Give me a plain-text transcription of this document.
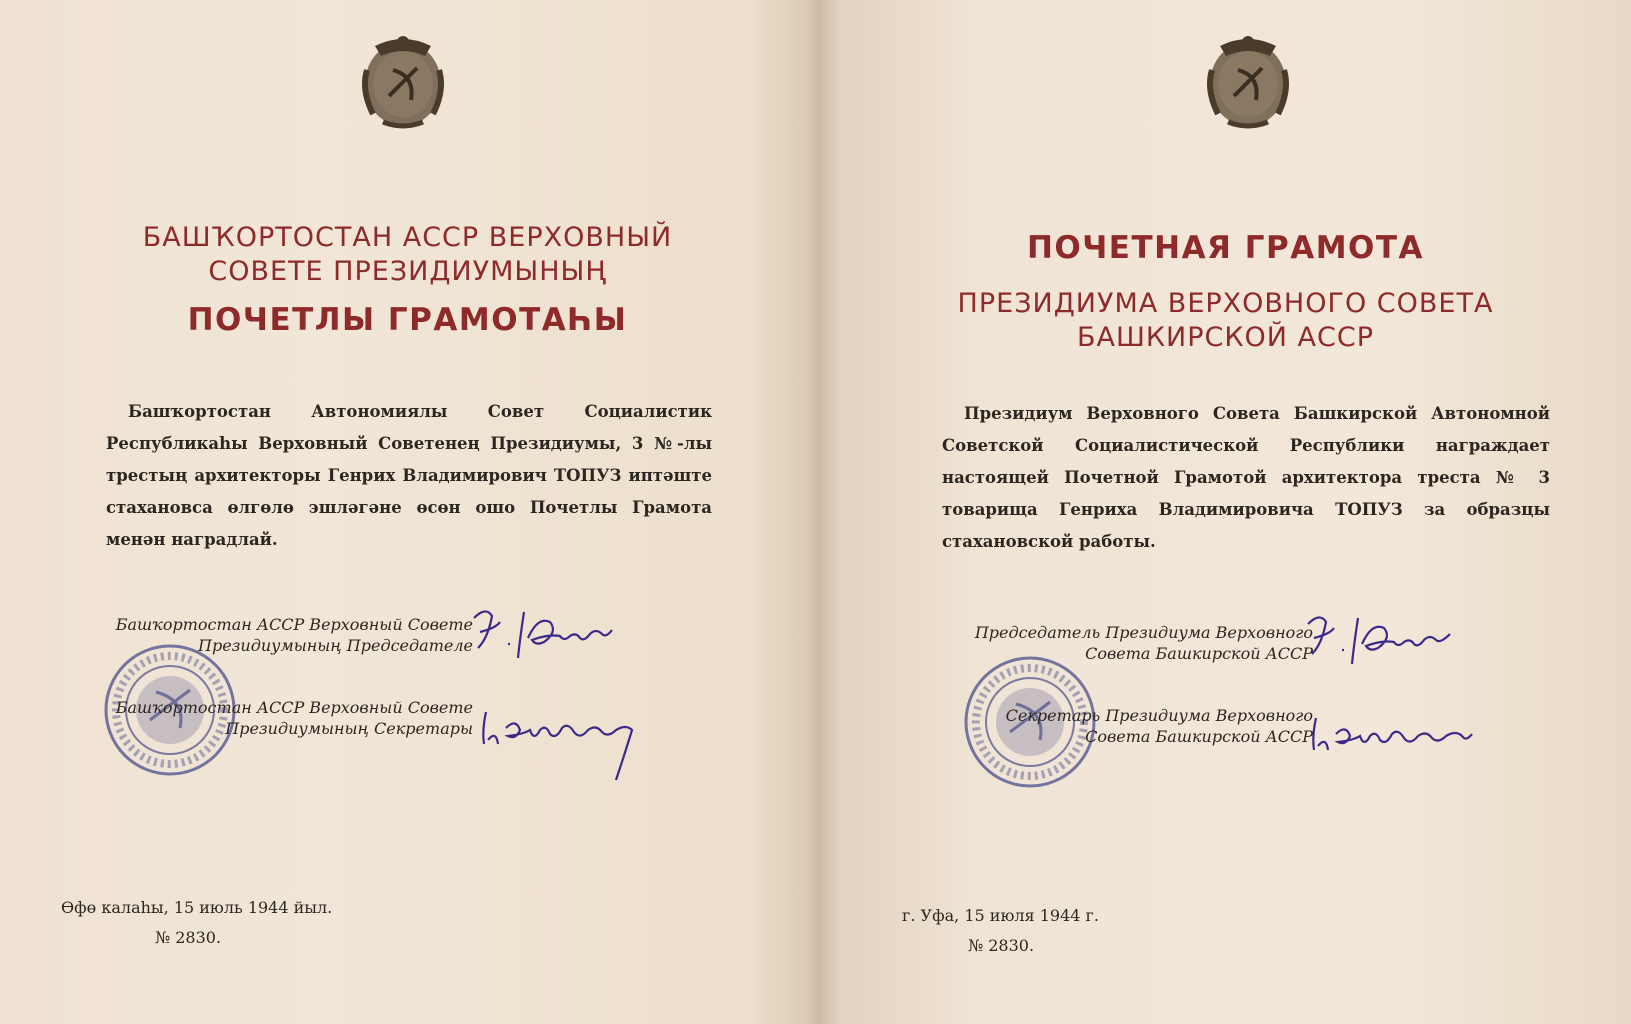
БАШҠОРТОСТАН АССР ВЕРХОВНЫЙ
СОВЕТЕ ПРЕЗИДИУМЫНЫҢ
ПОЧЕТЛЫ ГРАМОТАҺЫ

Башҡортостан Автономиялы Совет Социалистик Республикаһы Верховный Советенең Президиумы, 3 №-лы трестың архитекторы Генрих Владимирович ТОПУЗ иптәште стахановса өлгөлө эшләгәне өсөн ошо Почетлы Грамота менән наградлай.

Башҡортостан АССР Верховный Советe
Президиумының Председателе
Башҡортостан АССР Верховный Советe
Президиумының Секретары
Өфө калаһы, 15 июль 1944 йыл.
№ 2830.
ПОЧЕТНАЯ ГРАМОТА
ПРЕЗИДИУМА ВЕРХОВНОГО СОВЕТА
БАШКИРСКОЙ АССР

Президиум Верховного Совета Башкирской Автономной Советской Социалистической Республики награждает настоящей Почетной Грамотой архитектора треста № 3 товарища Генриха Владимировича ТОПУЗ за образцы стахановской работы.

Председатель Президиума Верховного
Совета Башкирской АССР
Секретарь Президиума Верховного
Совета Башкирской АССР
г. Уфа, 15 июля 1944 г.
№ 2830.
